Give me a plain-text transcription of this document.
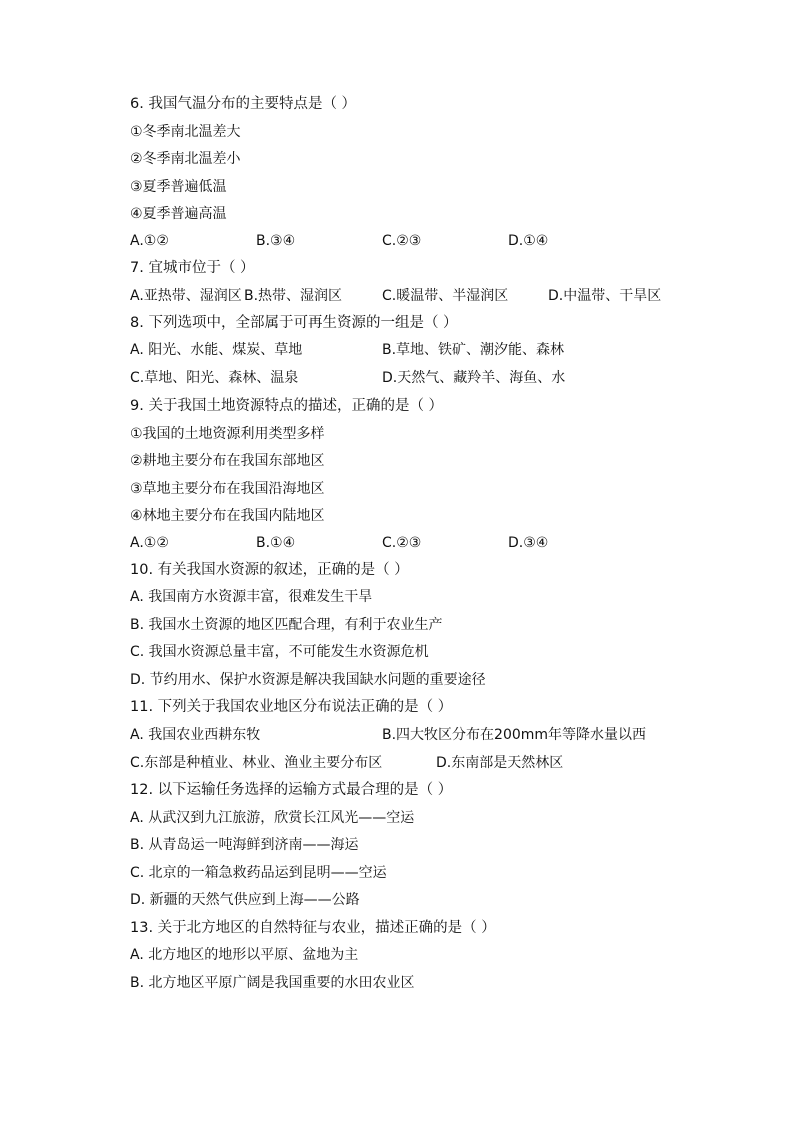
6. 我国气温分布的主要特点是（ ）
①冬季南北温差大
②冬季南北温差小
③夏季普遍低温
④夏季普遍高温
A.①②	B.③④	C.②③	D.①④
7. 宜城市位于（ ）
A.亚热带、湿润区 B.热带、湿润区	C.暖温带、半湿润区	D.中温带、干旱区
8. 下列选项中，全部属于可再生资源的一组是（ ）
A. 阳光、水能、煤炭、草地	B.草地、铁矿、潮汐能、森林
C.草地、阳光、森林、温泉	D.天然气、藏羚羊、海鱼、水
9. 关于我国土地资源特点的描述，正确的是（ ）
①我国的土地资源利用类型多样
②耕地主要分布在我国东部地区
③草地主要分布在我国沿海地区
④林地主要分布在我国内陆地区
A.①②	B.①④	C.②③	D.③④
10. 有关我国水资源的叙述，正确的是（ ）
A. 我国南方水资源丰富，很难发生干旱
B. 我国水土资源的地区匹配合理，有利于农业生产
C. 我国水资源总量丰富，不可能发生水资源危机
D. 节约用水、保护水资源是解决我国缺水问题的重要途径
11. 下列关于我国农业地区分布说法正确的是（ ）
A. 我国农业西耕东牧	B.四大牧区分布在200mm年等降水量以西
C.东部是种植业、林业、渔业主要分布区	D.东南部是天然林区
12. 以下运输任务选择的运输方式最合理的是（ ）
A. 从武汉到九江旅游，欣赏长江风光——空运
B. 从青岛运一吨海鲜到济南——海运
C. 北京的一箱急救药品运到昆明——空运
D. 新疆的天然气供应到上海——公路
13. 关于北方地区的自然特征与农业，描述正确的是（ ）
A. 北方地区的地形以平原、盆地为主
B. 北方地区平原广阔是我国重要的水田农业区
